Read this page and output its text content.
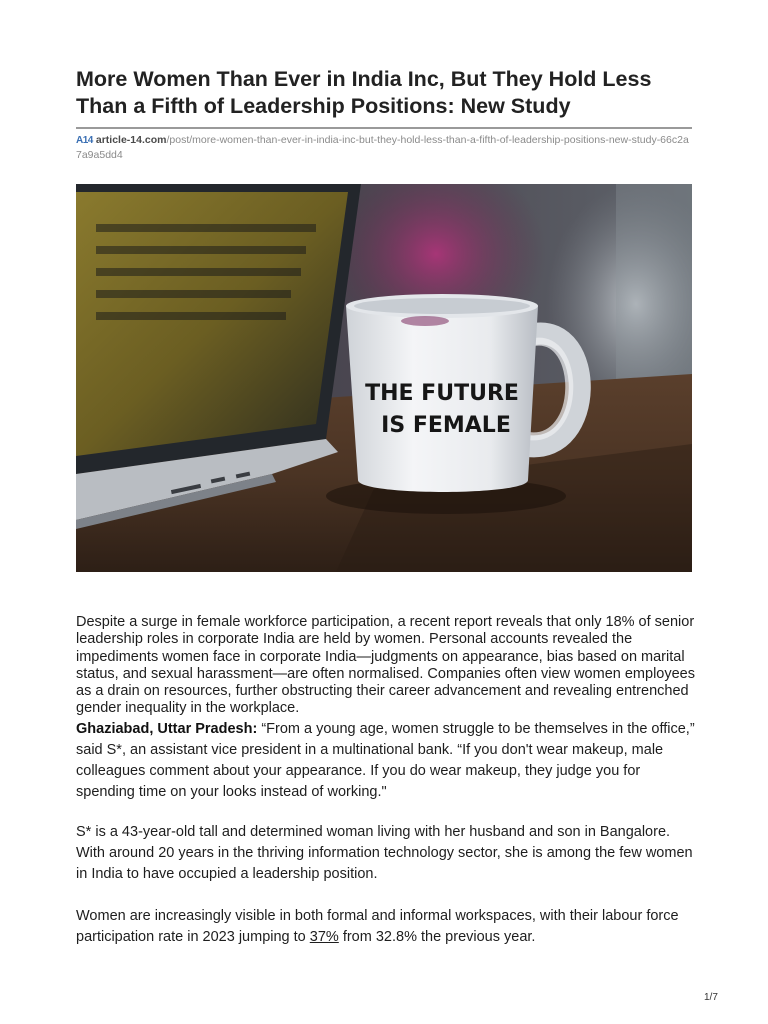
More Women Than Ever in India Inc, But They Hold Less Than a Fifth of Leadership Positions: New Study
A14 article-14.com/post/more-women-than-ever-in-india-inc-but-they-hold-less-than-a-fifth-of-leadership-positions-new-study-66c2a7a9a5dd4
THE FUTURE
IS FEMALE

Despite a surge in female workforce participation, a recent report reveals that only 18% of senior leadership roles in corporate India are held by women. Personal accounts revealed the impediments women face in corporate India—judgments on appearance, bias based on marital status, and sexual harassment—are often normalised. Companies often view women employees as a drain on resources, further obstructing their career advancement and revealing entrenched gender inequality in the workplace.

Ghaziabad, Uttar Pradesh: “From a young age, women struggle to be themselves in the office,” said S*, an assistant vice president in a multinational bank. “If you don't wear makeup, male colleagues comment about your appearance. If you do wear makeup, they judge you for spending time on your looks instead of working."

S* is a 43-year-old tall and determined woman living with her husband and son in Bangalore. With around 20 years in the thriving information technology sector, she is among the few women in India to have occupied a leadership position.

Women are increasingly visible in both formal and informal workspaces, with their labour force participation rate in 2023 jumping to 37% from 32.8% the previous year.

1/7
